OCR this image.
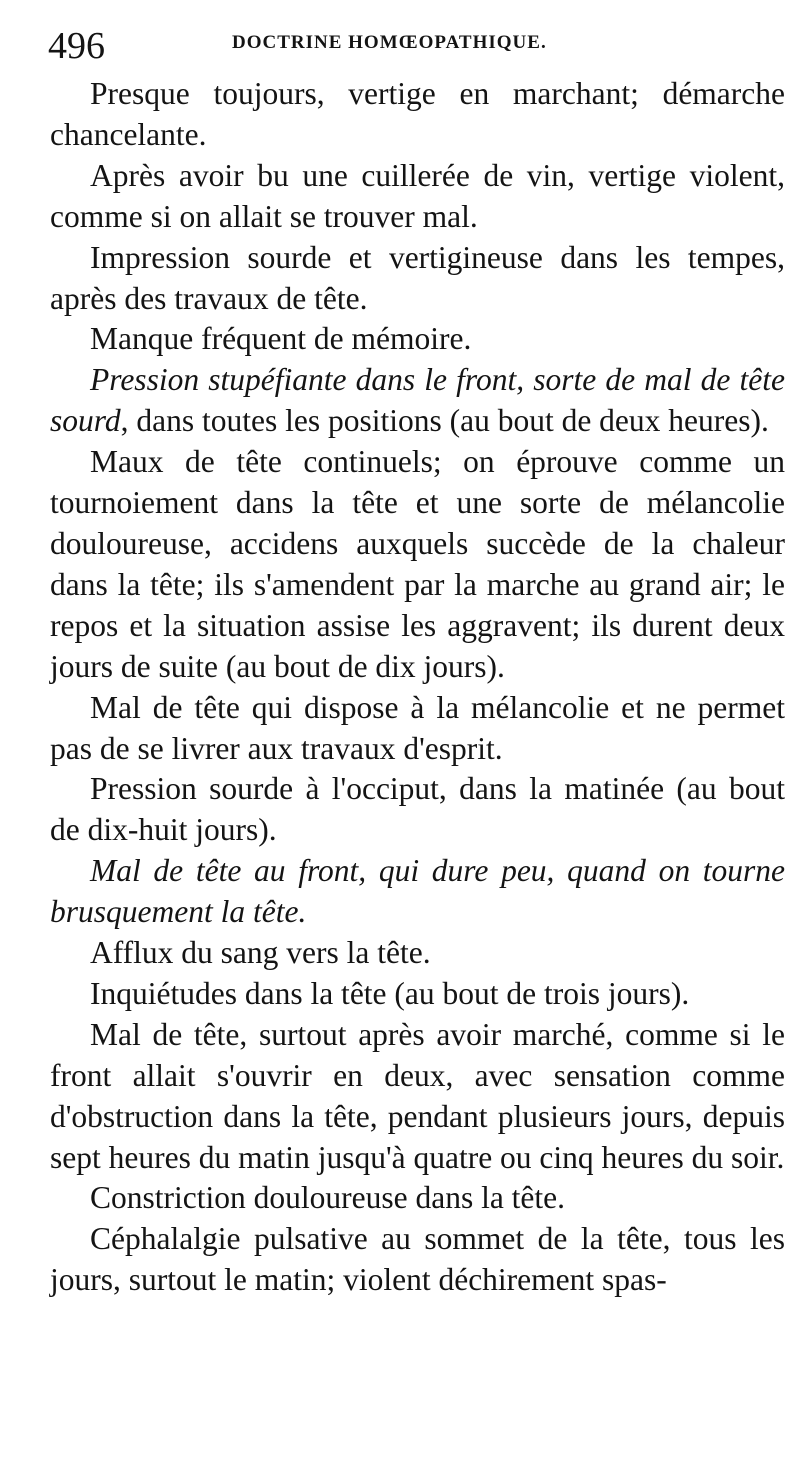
496	DOCTRINE HOMŒOPATHIQUE.

Presque toujours, vertige en marchant; démarche chancelante.

Après avoir bu une cuillerée de vin, vertige violent, comme si on allait se trouver mal.

Impression sourde et vertigineuse dans les tempes, après des travaux de tête.

Manque fréquent de mémoire.

Pression stupéfiante dans le front, sorte de mal de tête sourd, dans toutes les positions (au bout de deux heures).

Maux de tête continuels; on éprouve comme un tournoiement dans la tête et une sorte de mélancolie douloureuse, accidens auxquels succède de la chaleur dans la tête; ils s'amendent par la marche au grand air; le repos et la situation assise les aggravent; ils durent deux jours de suite (au bout de dix jours).

Mal de tête qui dispose à la mélancolie et ne permet pas de se livrer aux travaux d'esprit.

Pression sourde à l'occiput, dans la matinée (au bout de dix-huit jours).

Mal de tête au front, qui dure peu, quand on tourne brusquement la tête.

Afflux du sang vers la tête.

Inquiétudes dans la tête (au bout de trois jours).

Mal de tête, surtout après avoir marché, comme si le front allait s'ouvrir en deux, avec sensation comme d'obstruction dans la tête, pendant plusieurs jours, depuis sept heures du matin jusqu'à quatre ou cinq heures du soir.

Constriction douloureuse dans la tête.

Céphalalgie pulsative au sommet de la tête, tous les jours, surtout le matin; violent déchirement spas-
